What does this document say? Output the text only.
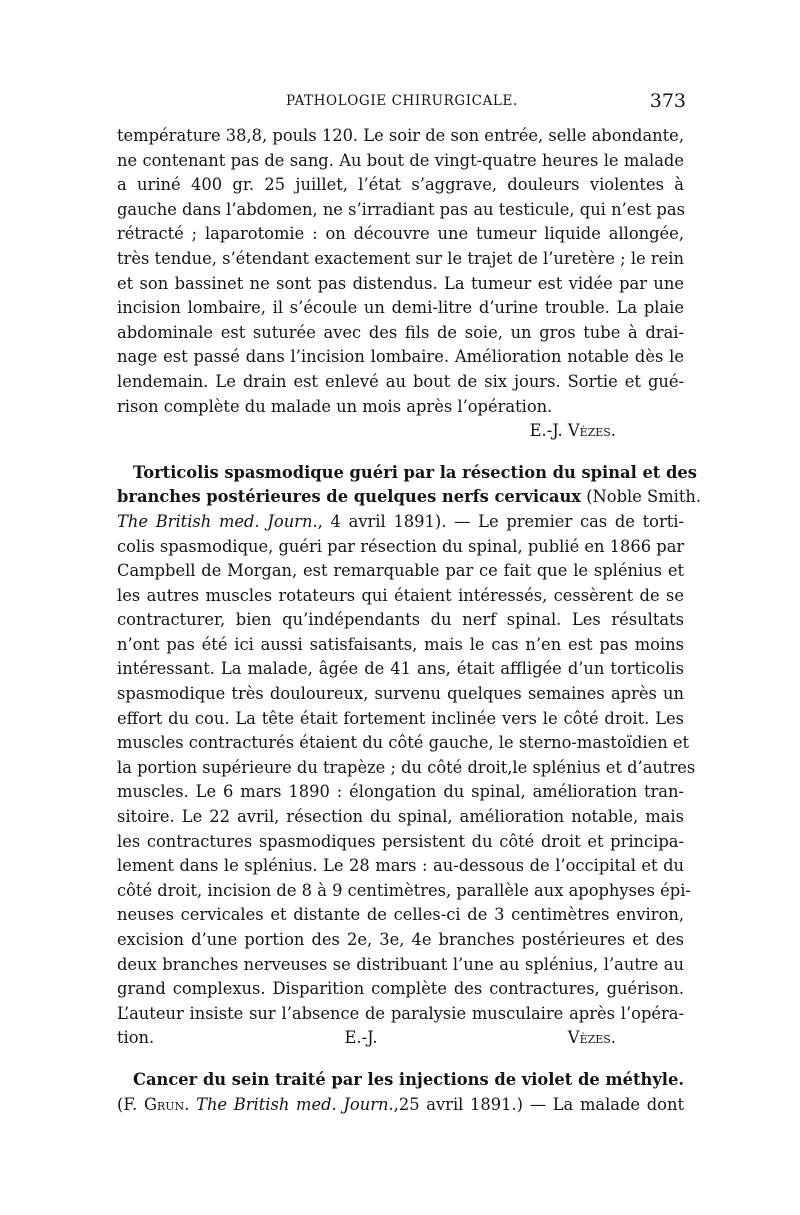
PATHOLOGIE CHIRURGICALE.	373
température 38,8, pouls 120. Le soir de son entrée, selle abondante,
ne contenant pas de sang. Au bout de vingt-quatre heures le malade
a uriné 400 gr. 25 juillet, l’état s’aggrave, douleurs violentes à
gauche dans l’abdomen, ne s’irradiant pas au testicule, qui n’est pas
rétracté ; laparotomie : on découvre une tumeur liquide allongée,
très tendue, s’étendant exactement sur le trajet de l’uretère ; le rein
et son bassinet ne sont pas distendus. La tumeur est vidée par une
incision lombaire, il s’écoule un demi-litre d’urine trouble. La plaie
abdominale est suturée avec des fils de soie, un gros tube à drai-
nage est passé dans l’incision lombaire. Amélioration notable dès le
lendemain. Le drain est enlevé au bout de six jours. Sortie et gué-
rison complète du malade un mois après l’opération.
E.-J. Vèzes.
Torticolis spasmodique guéri par la résection du spinal et des
branches postérieures de quelques nerfs cervicaux (Noble Smith.
The British med. Journ., 4 avril 1891). — Le premier cas de torti-
colis spasmodique, guéri par résection du spinal, publié en 1866 par
Campbell de Morgan, est remarquable par ce fait que le splénius et
les autres muscles rotateurs qui étaient intéressés, cessèrent de se
contracturer, bien qu’indépendants du nerf spinal. Les résultats
n’ont pas été ici aussi satisfaisants, mais le cas n’en est pas moins
intéressant. La malade, âgée de 41 ans, était affligée d’un torticolis
spasmodique très douloureux, survenu quelques semaines après un
effort du cou. La tête était fortement inclinée vers le côté droit. Les
muscles contracturés étaient du côté gauche, le sterno-mastoïdien et
la portion supérieure du trapèze ; du côté droit,le splénius et d’autres
muscles. Le 6 mars 1890 : élongation du spinal, amélioration tran-
sitoire. Le 22 avril, résection du spinal, amélioration notable, mais
les contractures spasmodiques persistent du côté droit et principa-
lement dans le splénius. Le 28 mars : au-dessous de l’occipital et du
côté droit, incision de 8 à 9 centimètres, parallèle aux apophyses épi-
neuses cervicales et distante de celles-ci de 3 centimètres environ,
excision d’une portion des 2e, 3e, 4e branches postérieures et des
deux branches nerveuses se distribuant l’une au splénius, l’autre au
grand complexus. Disparition complète des contractures, guérison.
L’auteur insiste sur l’absence de paralysie musculaire après l’opéra-
tion.	E.-J. Vèzes.
Cancer du sein traité par les injections de violet de méthyle.
(F. Grun. The British med. Journ.,25 avril 1891.) — La malade dont
